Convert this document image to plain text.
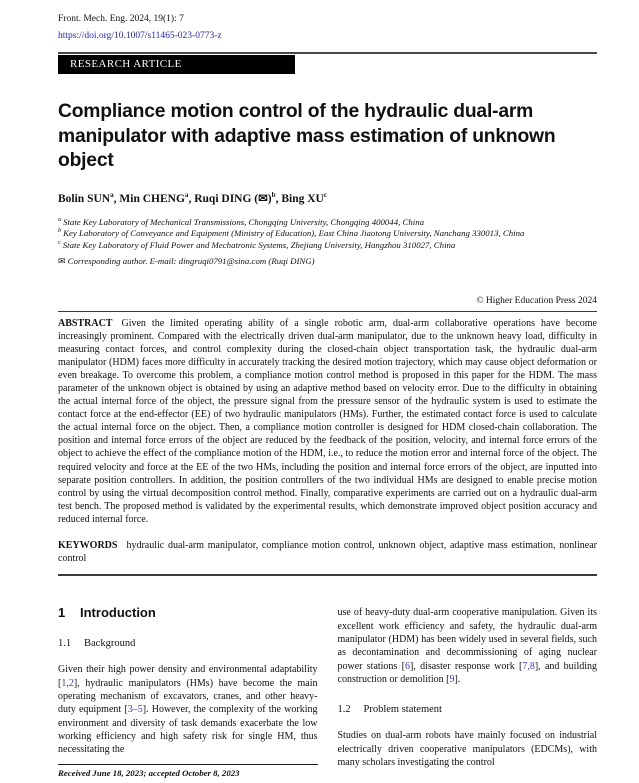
Front. Mech. Eng. 2024, 19(1): 7
https://doi.org/10.1007/s11465-023-0773-z
RESEARCH ARTICLE
Compliance motion control of the hydraulic dual-arm manipulator with adaptive mass estimation of unknown object
Bolin SUN$^a$, Min CHENG$^a$, Ruqi DING (✉)$^b$, Bing $XU^c$
$^a$ State Key Laboratory of Mechanical Transmissions, Chongqing University, Chongqing 400044, China
$^b$ Key Laboratory of Conveyance and Equipment (Ministry of Education), East China Jiaotong University, Nanchang 330013, China
$^c$ State Key Laboratory of Fluid Power and Mechatronic Systems, Zhejiang University, Hangzhou 310027, China
✉ Corresponding author. E-mail: dingruqi0791@sina.com (Ruqi DING)
© Higher Education Press 2024

ABSTRACT Given the limited operating ability of a single robotic arm, dual-arm collaborative operations have become increasingly prominent. Compared with the electrically driven dual-arm manipulator, due to the unknown heavy load, difficulty in measuring contact forces, and control complexity during the closed-chain object transportation task, the hydraulic dual-arm manipulator (HDM) faces more difficulty in accurately tracking the desired motion trajectory, which may cause object deformation or even breakage. To overcome this problem, a compliance motion control method is proposed in this paper for the HDM. The mass parameter of the unknown object is obtained by using an adaptive method based on velocity error. Due to the difficulty in obtaining the actual internal force of the object, the pressure signal from the pressure sensor of the hydraulic system is used to estimate the contact force at the end-effector (EE) of two hydraulic manipulators (HMs). Further, the estimated contact force is used to calculate the actual internal force on the object. Then, a compliance motion controller is designed for HDM closed-chain collaboration. The position and internal force errors of the object are reduced by the feedback of the position, velocity, and internal force errors of the object to achieve the effect of the compliance motion of the HDM, i.e., to reduce the motion error and internal force of the object. The required velocity and force at the EE of the two HMs, including the position and internal force errors of the object, are inputted into separate position controllers. In addition, the position controllers of the two individual HMs are designed to enable precise motion control by using the virtual decomposition control method. Finally, comparative experiments are carried out on a hydraulic dual-arm test bench. The proposed method is validated by the experimental results, which demonstrate improved object position accuracy and reduced internal force.

KEYWORDS hydraulic dual-arm manipulator, compliance motion control, unknown object, adaptive mass estimation, nonlinear control

1 Introduction
1.1 Background

Given their high power density and environmental adaptability [1,2], hydraulic manipulators (HMs) have become the main operating mechanism of excavators, cranes, and other heavy-duty equipment [3–5]. However, the complexity of the working environment and diversity of task demands exacerbate the low working efficiency and high safety risk for single HM, thus necessitating the

Received June 18, 2023; accepted October 8, 2023

use of heavy-duty dual-arm cooperative manipulation. Given its excellent work efficiency and safety, the hydraulic dual-arm manipulator (HDM) has been widely used in several fields, such as decontamination and decommissioning of aging nuclear power stations [6], disaster response work [7,8], and building construction or demolition [9].

1.2 Problem statement

Studies on dual-arm robots have mainly focused on industrial electrically driven cooperative manipulators (EDCMs), with many scholars investigating the control
